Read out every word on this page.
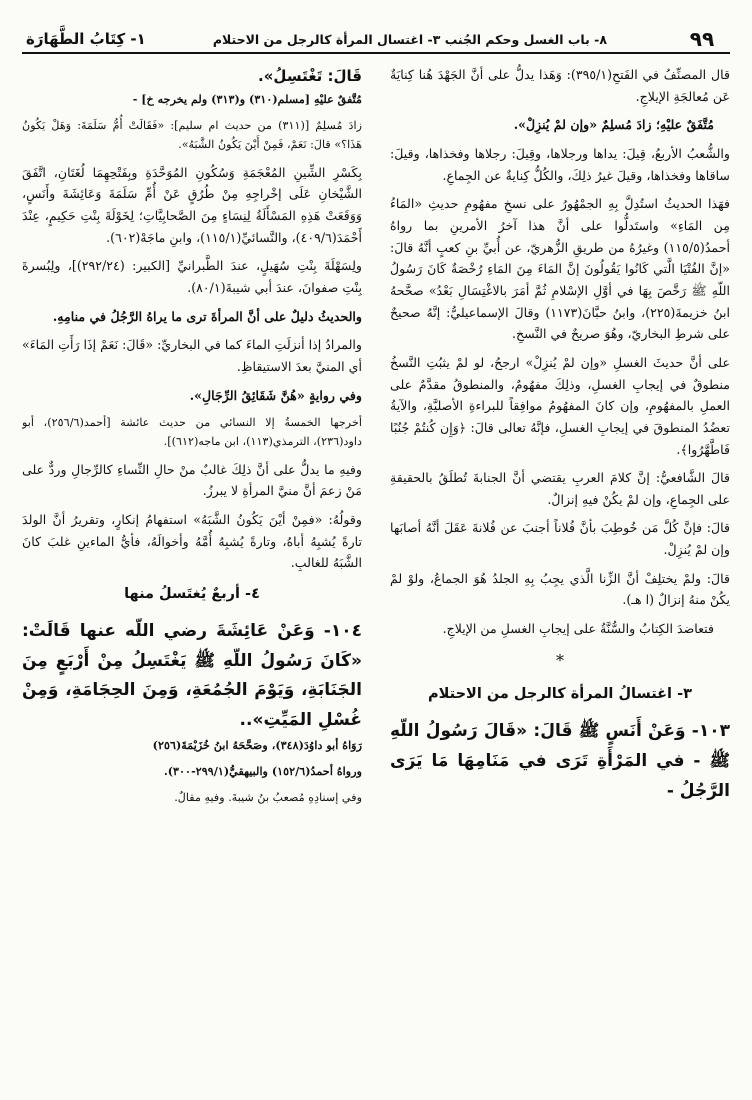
٩٩
٨- باب الغسل وحكم الجُنب ٣- اغتسال المرأة كالرجل من الاحتلام
١- كِتَابُ الطَّهَارَة

قال المصنِّفُ في الفَتحِ(٣٩٥/١): وَهَذا يدلُّ على أنَّ الجَهْدَ هُنا كِنايَةٌ عَن مُعالجَةِ الإيلاجِ.

مُتَّفَقٌ عليْهِ؛ زادَ مُسلِمٌ «وإن لمْ يُنزِلْ».

والشُّعبُ الأربعُ، قِيلَ: يداها ورجلاها، وقِيلَ: رجلاها وفخذاها، وقيلَ: ساقاها وفخذاها، وقيلَ غيرُ ذلِكَ، والكُلُّ كِنايةٌ عن الجِماعِ.

فهَذا الحديثُ استُدِلَّ بِهِ الجمْهُورُ على نسخِ مفهُومِ حديثِ «المَاءُ مِن المَاءِ» واستَدلُّوا على أنَّ هذا آخرُ الأمرينِ بما رواهُ أحمدُ(١١٥/٥) وغيرُهُ من طريقِ الزُّهريّ، عن أُبيِّ بنِ كعبٍ أنَّهُ قالَ: «إنَّ الفُتْيَا الَّتي كَانُوا يَقُولُونَ إنَّ المَاءَ مِنَ المَاءِ رُخْصَةٌ كَانَ رَسُولُ اللّهِ ﷺ رَخَّصَ بِهَا في أوَّلِ الإسْلامِ ثُمَّ أمَرَ بالاغْتِسَالِ بَعْدُ» صحَّحهُ ابنُ خزيمةَ(٢٢٥)، وابنُ حبَّانَ(١١٧٣) وقالَ الإسماعيليُّ: إنَّهُ صحيحٌ على شرطِ البخاريّ، وهُوَ صريحٌ في النَّسخِ.

على أنَّ حديثَ الغسلِ «وإن لمْ يُنزِلْ» ارجحُ، لو لمْ يثبُتِ النَّسخُ منطوقٌ في إيجابِ الغسلِ، وذلِكَ مفهُومٌ، والمنطوقُ مقدَّمٌ على العملِ بالمفهُومِ، وإن كانَ المفهُومُ موافِقاً للبراءةِ الأصليَّةِ، والآيةُ تعضُدُ المنطوقَ في إيجابِ الغسلِ، فإنَّهُ تعالى قالَ: ﴿وَإِن كُنتُمْ جُنُبًا فَاطَّهَّرُوا﴾.

قالَ الشَّافعيُّ: إنَّ كلامَ العربِ يقتضي أنَّ الجنابةَ تُطلَقُ بالحقيقةِ على الجِماعِ، وإن لمْ يكُنْ فيهِ إنزالٌ.

قالَ: فإنَّ كُلَّ مَن خُوطِبَ بأنَّ فُلاناً أجنبَ عن فُلانةَ عَقَلَ أنَّهُ أصابَها وإن لمْ يُنزِلْ.

قالَ: ولمْ يختلِفْ أنَّ الزِّنا الَّذي يجِبُ بِهِ الجلدُ هُوَ الجماعُ، ولوْ لمْ يكُنْ منهُ إنزالٌ (ا هـ).

فتعاضدَ الكِتابُ والسُّنَّةُ على إيجابِ الغسلِ من الإيلاجِ.

*
٣- اغتسالُ المرأة كالرجل من الاحتلام
١٠٣- وَعَنْ أَنَسٍ ﷺ قَالَ: «قَالَ رَسُولُ اللّهِ ﷺ - في المَرْأَةِ تَرَى في مَنَامِهَا مَا يَرَى الرَّجُلُ -
قَالَ: تَغْتَسِلُ».

مُتَّفقٌ عليْهِ [مسلم(٣١٠) و(٣١٣) ولم يخرجه خ] -

زادَ مُسلِمٌ [(٣١١) من حديث ام سليم]: «فَقَالَتْ أُمُّ سَلَمَةَ: وَهَلْ يَكُونُ هَذَا؟» قالَ: نَعَمْ، فَمِنْ أَيْنَ يَكُونُ الشَّبَهُ».

بِكَسْرِ الشِّينِ المُعْجَمَةِ وَسُكُونِ المُوَحَّدَةِ وبِفَتْحِهِمَا لُغَتَانِ، اتَّفَقَ الشَّيْخانِ عَلَى إخْراجِهِ مِنْ طُرُقٍ عَنْ أُمِّ سَلَمَةَ وَعَائِشَةَ وأَنَسٍ، وَوَقَعَتْ هَذِهِ المَسْأَلَةُ لِنِسَاءٍ مِنَ الصَّحابِيَّاتِ؛ لِخَوْلَةَ بِنْتِ حَكِيمٍ، عِنْدَ أَحْمَدَ(٤٠٩/٦)، والنَّسائيِّ(١١٥/١)، وابنِ ماجَهْ(٦٠٢).

ولِسَهْلَةَ بِنْتِ سُهَيلٍ، عندَ الطَّبرانيِّ [الكبير: (٢٩٢/٢٤)]، ولِبُسرةَ بِنْتِ صفوانَ، عندَ أبي شيبةَ(٨٠/١).

والحديثُ دليلٌ على أنَّ المرأةَ ترى ما يراهُ الرَّجُلُ في منامِهِ.

والمرادُ إذا أنزلَتِ الماءَ كما في البخاريِّ: «قَالَ: نَعَمْ إذَا رَأَتِ المَاءَ» أي المنيَّ بعدَ الاستيقاظِ.

وفي روايةٍ «هُنَّ شَقَائِقُ الرِّجَالِ».

أخرجها الخمسةُ إلا النسائي من حديث عائشة [أحمد(٢٥٦/٦)، أبو داود(٢٣٦)، الترمذي(١١٣)، ابن ماجه(٦١٢)].

وفيهِ ما يدلُّ على أنَّ ذلِكَ غالبٌ منْ حالِ النِّساءِ كالرِّجالِ وردٌّ على مَنْ زعمَ أنَّ منيَّ المرأةِ لا يبرزُ.

وقولُهُ: «فمِنْ أيْنَ يَكُونُ الشَّبَهُ» استفهامُ إنكارٍ، وتقريرُ أنَّ الولدَ تارةً يُشبِهُ أباهُ، وتارةً يُشبِهُ أُمَّهُ وأخوالَهُ، فأيُّ الماءينِ غلبَ كانَ الشَّبَهُ للغالبِ.

٤- أربعٌ يُغتَسلُ منها
١٠٤- وَعَنْ عَائِشَةَ رضي اللّه عنها قَالَتْ: «كَانَ رَسُولُ اللّهِ ﷺ يَغْتَسِلُ مِنْ أَرْبَعٍ مِنَ الجَنَابَةِ، وَيَوْمَ الجُمُعَةِ، وَمِنَ الحِجَامَةِ، وَمِنْ غُسْلِ المَيِّتِ»..

رَوَاهُ أبو داوُدَ(٣٤٨)، وصَحَّحَهُ ابنُ خُزَيْمَةَ(٢٥٦)

ورواهُ أحمدُ(١٥٢/٦) والبيهقيُّ(٢٩٩/١-٣٠٠).

وفي إسنادِهِ مُصعبُ بنُ شيبةَ. وفيهِ مقالٌ.
